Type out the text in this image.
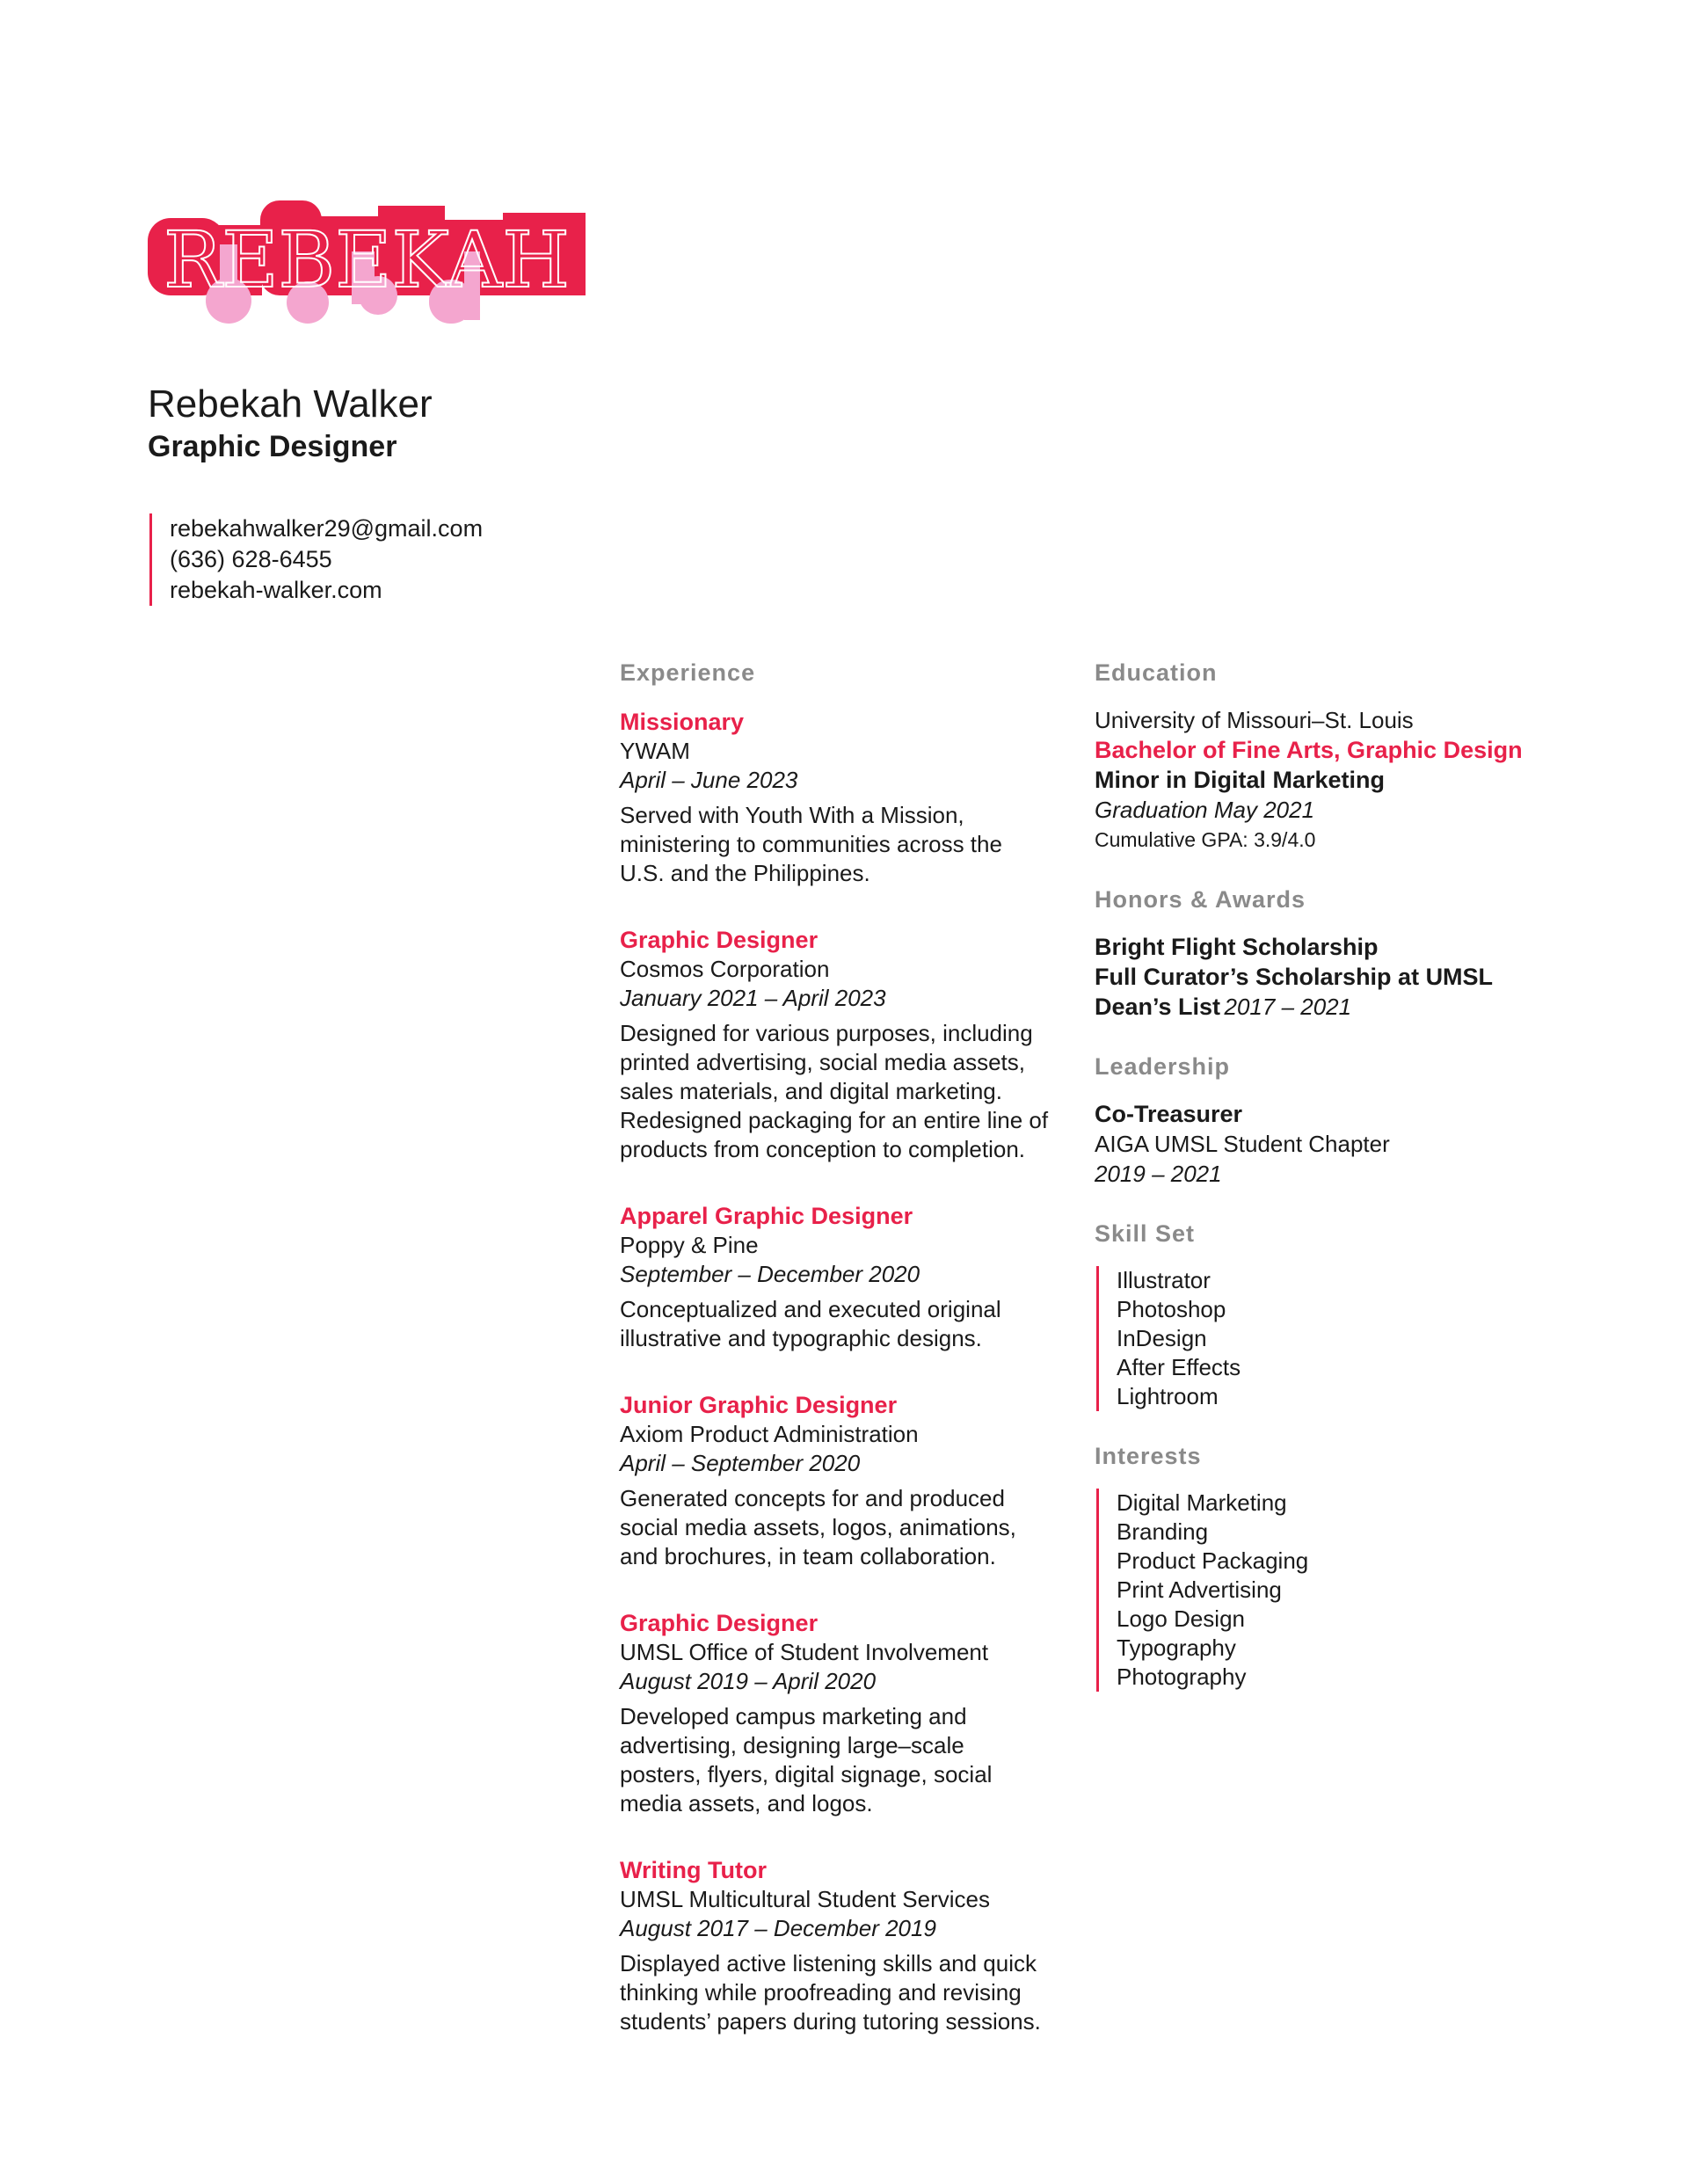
REBEKAH
Rebekah Walker
Graphic Designer
rebekahwalker29@gmail.com
(636) 628-6455
rebekah-walker.com
Experience
Missionary
YWAM
April – June 2023
Served with Youth With a Mission,
ministering to communities across the
U.S. and the Philippines.
Graphic Designer
Cosmos Corporation
January 2021 – April 2023
Designed for various purposes, including
printed advertising, social media assets,
sales materials, and digital marketing.
Redesigned packaging for an entire line of
products from conception to completion.
Apparel Graphic Designer
Poppy & Pine
September – December 2020
Conceptualized and executed original
illustrative and typographic designs.
Junior Graphic Designer
Axiom Product Administration
April – September 2020
Generated concepts for and produced
social media assets, logos, animations,
and brochures, in team collaboration.
Graphic Designer
UMSL Office of Student Involvement
August 2019 – April 2020
Developed campus marketing and
advertising, designing large–scale
posters, flyers, digital signage, social
media assets, and logos.
Writing Tutor
UMSL Multicultural Student Services
August 2017 – December 2019
Displayed active listening skills and quick
thinking while proofreading and revising
students’ papers during tutoring sessions.
Education
University of Missouri–St. Louis
Bachelor of Fine Arts, Graphic Design
Minor in Digital Marketing
Graduation May 2021
Cumulative GPA: 3.9/4.0
Honors & Awards
Bright Flight Scholarship
Full Curator’s Scholarship at UMSL
Dean’s List 2017 – 2021
Leadership
Co-Treasurer
AIGA UMSL Student Chapter
2019 – 2021
Skill Set
Illustrator
Photoshop
InDesign
After Effects
Lightroom
Interests
Digital Marketing
Branding
Product Packaging
Print Advertising
Logo Design
Typography
Photography
